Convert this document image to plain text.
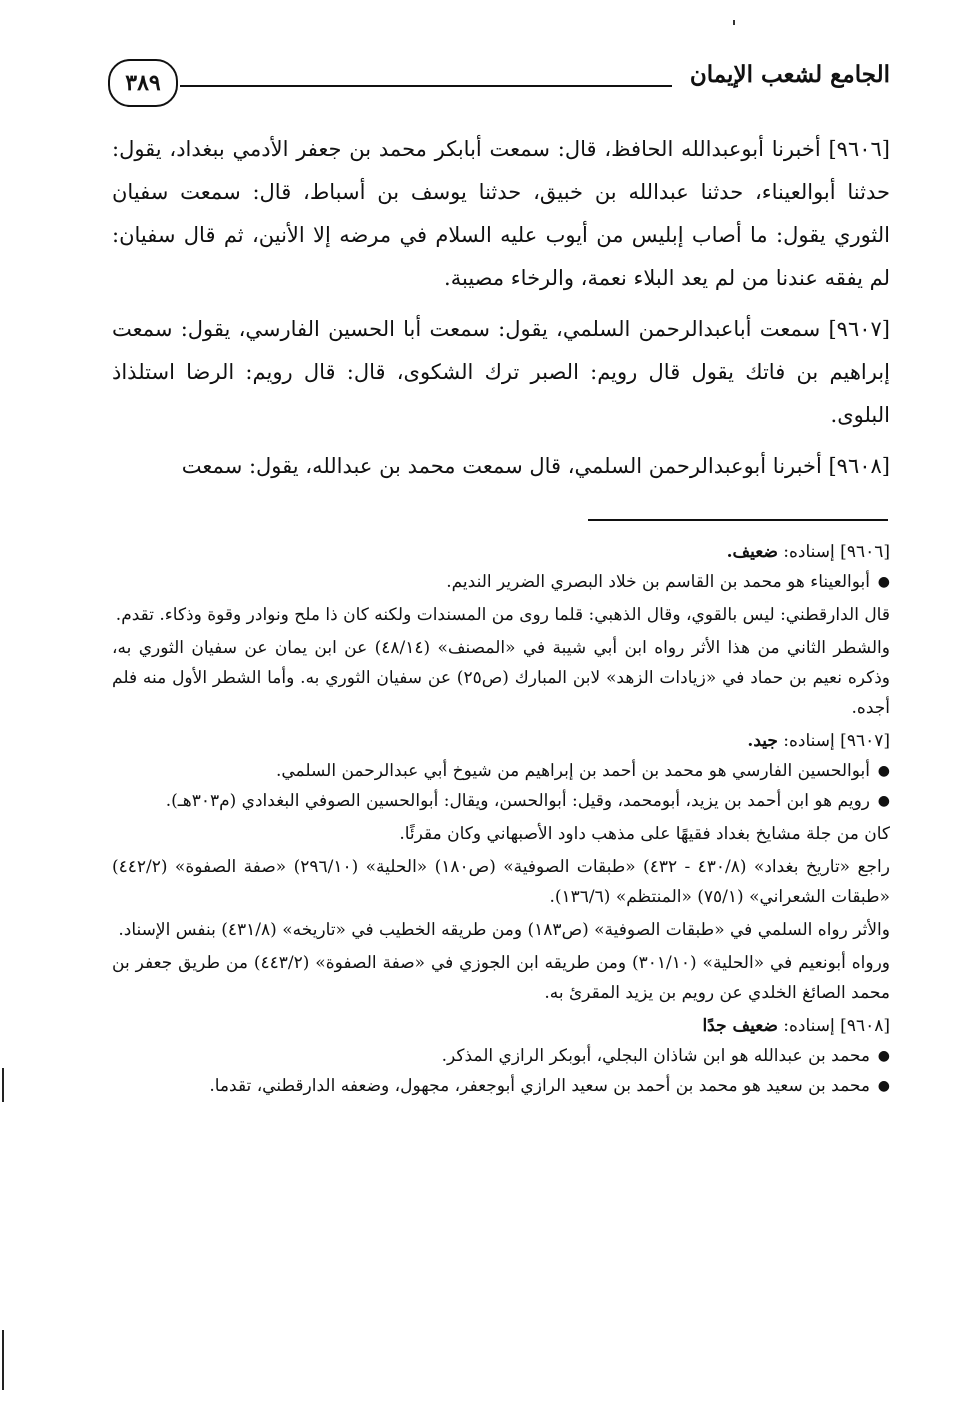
الجامع لشعب الإيمان
٣٨٩

[٩٦٠٦] أخبرنا أبوعبدالله الحافظ، قال: سمعت أبابكر محمد بن جعفر الأدمي ببغداد، يقول: حدثنا أبوالعيناء، حدثنا عبدالله بن خبيق، حدثنا يوسف بن أسباط، قال: سمعت سفيان الثوري يقول: ما أصاب إبليس من أيوب عليه السلام في مرضه إلا الأنين، ثم قال سفيان: لم يفقه عندنا من لم يعد البلاء نعمة، والرخاء مصيبة.

[٩٦٠٧] سمعت أباعبدالرحمن السلمي، يقول: سمعت أبا الحسين الفارسي، يقول: سمعت إبراهيم بن فاتك يقول قال رويم: الصبر ترك الشكوى، قال: قال رويم: الرضا استلذاذ البلوى.

[٩٦٠٨] أخبرنا أبوعبدالرحمن السلمي، قال سمعت محمد بن عبدالله، يقول: سمعت

[٩٦٠٦] إسناده: ضعيف.
●
أبوالعيناء هو محمد بن القاسم بن خلاد البصري الضرير النديم.
قال الدارقطني: ليس بالقوي، وقال الذهبي: قلما روى من المسندات ولكنه كان ذا ملح ونوادر وقوة وذكاء. تقدم.
والشطر الثاني من هذا الأثر رواه ابن أبي شيبة في «المصنف» (٤٨/١٤) عن ابن يمان عن سفيان الثوري به، وذكره نعيم بن حماد في «زيادات الزهد» لابن المبارك (ص٢٥) عن سفيان الثوري به. وأما الشطر الأول منه فلم أجده.
[٩٦٠٧] إسناده: جيد.
●
أبوالحسين الفارسي هو محمد بن أحمد بن إبراهيم من شيوخ أبي عبدالرحمن السلمي.
●
رويم هو ابن أحمد بن يزيد، أبومحمد، وقيل: أبوالحسن، ويقال: أبوالحسين الصوفي البغدادي (م٣٠٣هـ).
كان من جلة مشايخ بغداد فقيهًا على مذهب داود الأصبهاني وكان مقرئًا.
راجع «تاريخ بغداد» (٤٣٠/٨ - ٤٣٢) «طبقات الصوفية» (ص١٨٠) «الحلية» (٢٩٦/١٠) «صفة الصفوة» (٤٤٢/٢) «طبقات الشعراني» (٧٥/١) «المنتظم» (١٣٦/٦).
والأثر رواه السلمي في «طبقات الصوفية» (ص١٨٣) ومن طريقه الخطيب في «تاريخه» (٤٣١/٨) بنفس الإسناد.
ورواه أبونعيم في «الحلية» (٣٠١/١٠) ومن طريقه ابن الجوزي في «صفة الصفوة» (٤٤٣/٢) من طريق جعفر بن محمد الصائغ الخلدي عن رويم بن يزيد المقرئ به.
[٩٦٠٨] إسناده: ضعيف جدًا
●
محمد بن عبدالله هو ابن شاذان البجلي، أبوبكر الرازي المذكر.
●
محمد بن سعيد هو محمد بن أحمد بن سعيد الرازي أبوجعفر، مجهول، وضعفه الدارقطني، تقدما.
